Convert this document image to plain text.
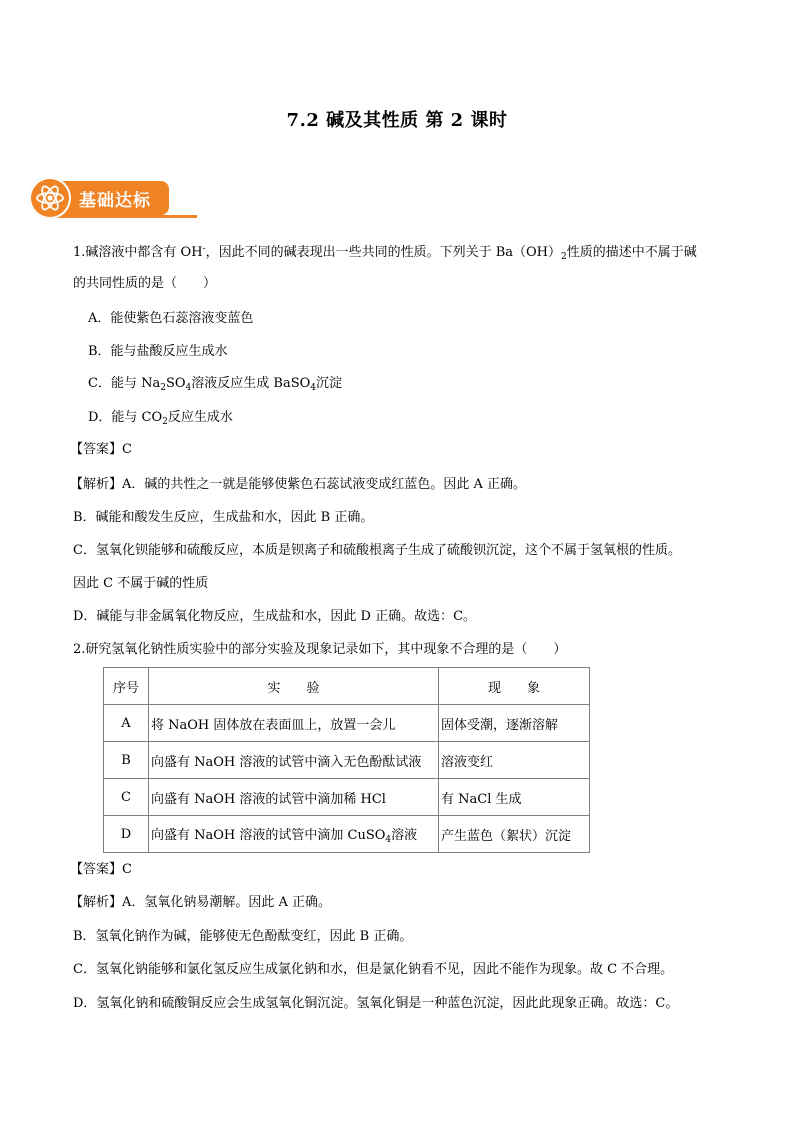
7.2 碱及其性质 第 2 课时
基础达标
1.碱溶液中都含有 OH-，因此不同的碱表现出一些共同的性质。下列关于 $Ba(OH)_2$性质的描述中不属于碱
的共同性质的是（　　）
A．能使紫色石蕊溶液变蓝色
B．能与盐酸反应生成水
C．能与 $Na_2SO_4$溶液反应生成 BaSO$_4$沉淀
D．能与 $CO_2$反应生成水
【答案】C
【解析】A．碱的共性之一就是能够使紫色石蕊试液变成红蓝色。因此 A 正确。
B．碱能和酸发生反应，生成盐和水，因此 B 正确。
C．氢氧化钡能够和硫酸反应，本质是钡离子和硫酸根离子生成了硫酸钡沉淀，这个不属于氢氧根的性质。
因此 C 不属于碱的性质
D．碱能与非金属氧化物反应，生成盐和水，因此 D 正确。故选：C。
2.研究氢氧化钠性质实验中的部分实验及现象记录如下，其中现象不合理的是（　　）
序号	实　　验	现　　象
A	将 NaOH 固体放在表面皿上，放置一会儿	固体受潮，逐渐溶解
B	向盛有 NaOH 溶液的试管中滴入无色酚酞试液	溶液变红
C	向盛有 NaOH 溶液的试管中滴加稀 HCl	有 NaCl 生成
D	向盛有 NaOH 溶液的试管中滴加 CuSO$_4$溶液	产生蓝色（絮状）沉淀
【答案】C
【解析】A．氢氧化钠易潮解。因此 A 正确。
B．氢氧化钠作为碱，能够使无色酚酞变红，因此 B 正确。
C．氢氧化钠能够和氯化氢反应生成氯化钠和水，但是氯化钠看不见，因此不能作为现象。故 C 不合理。
D．氢氧化钠和硫酸铜反应会生成氢氧化铜沉淀。氢氧化铜是一种蓝色沉淀，因此此现象正确。故选：C。
